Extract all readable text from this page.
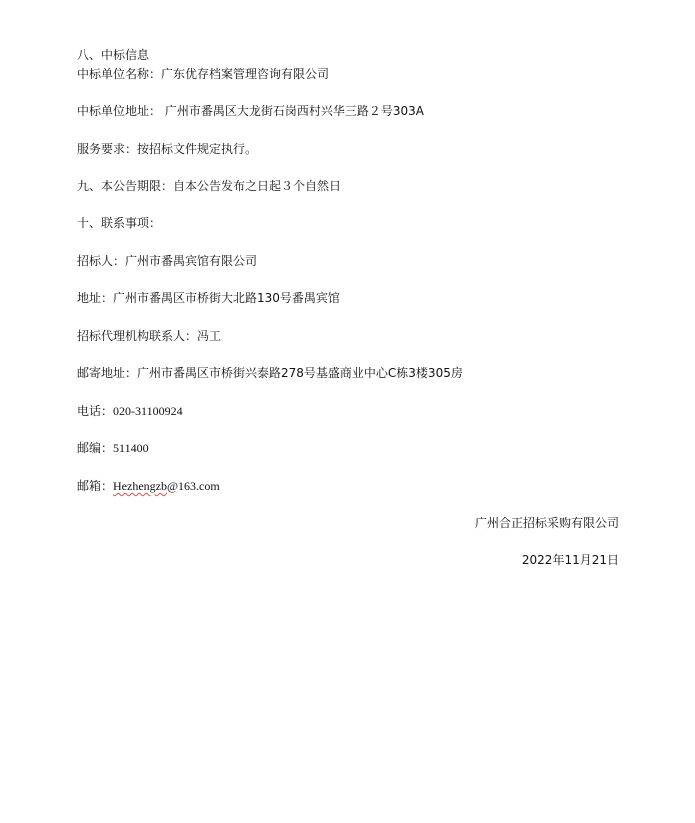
八、中标信息
中标单位名称：广东优存档案管理咨询有限公司
中标单位地址： 广州市番禺区大龙街石岗西村兴华三路２号303A
服务要求：按招标文件规定执行。
九、本公告期限：自本公告发布之日起３个自然日
十、联系事项：
招标人：广州市番禺宾馆有限公司
地址：广州市番禺区市桥街大北路130号番禺宾馆
招标代理机构联系人：冯工
邮寄地址：广州市番禺区市桥街兴泰路278号基盛商业中心C栋3楼305房
电话：020-31100924
邮编：511400
邮箱：Hezhengzb@163.com
广州合正招标采购有限公司
2022年11月21日
